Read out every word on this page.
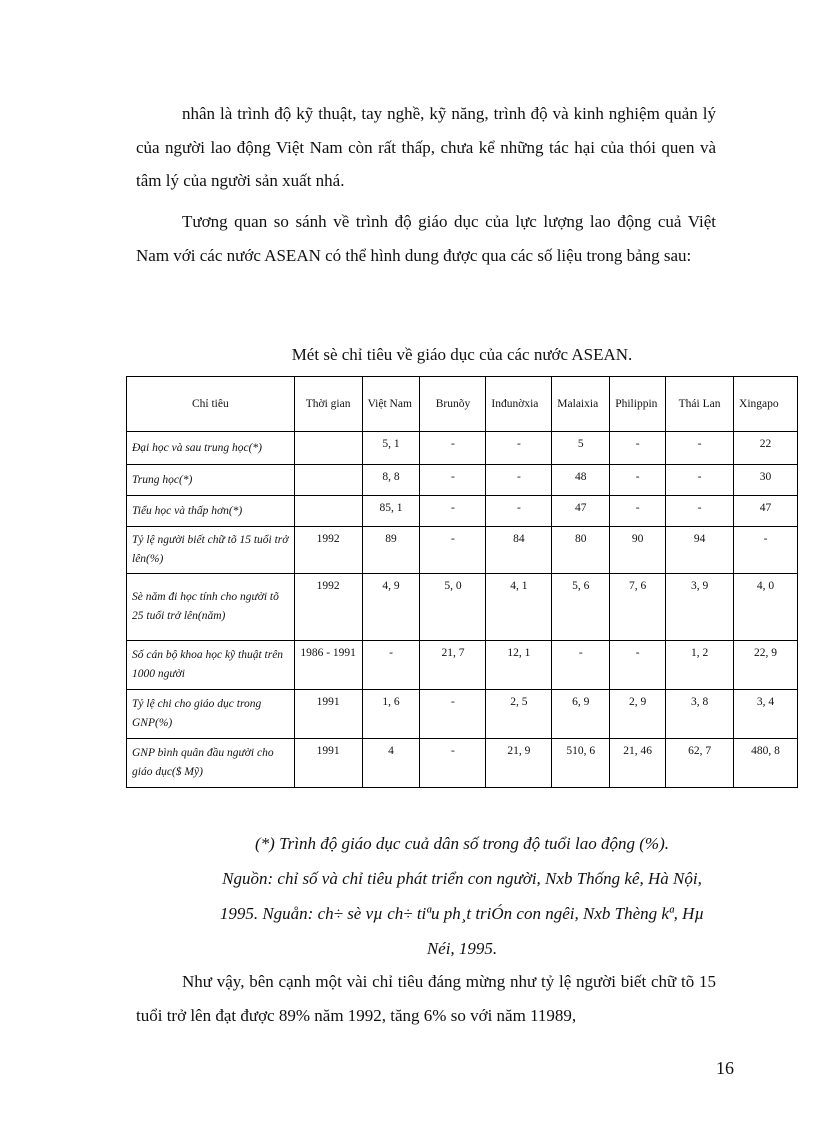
nhân là trình độ kỹ thuật, tay nghề, kỹ năng, trình độ và kinh nghiệm quản lý của người lao động Việt Nam còn rất thấp, chưa kể những tác hại của thói quen và tâm lý của người sản xuất nhá.

Tương quan so sánh về trình độ giáo dục của lực lượng lao động cuả Việt Nam với các nước ASEAN có thể hình dung được qua các số liệu trong bảng sau:

Mét sè chỉ tiêu về giáo dục của các nước ASEAN.
Chỉ tiêu	Thời gian	Việt Nam	Brunõy	Inđunờxia	Malaixia	Philippin	Thái Lan	Xingapo
Đại học và sau trung học(*)		5, 1	-	-	5	-	-	22
Trung học(*)		8, 8	-	-	48	-	-	30
Tiểu học và thấp hơn(*)		85, 1	-	-	47	-	-	47
Tỷ lệ người biết chữ tõ 15 tuổi trở lên(%)	1992	89	-	84	80	90	94	-
Sè năm đi học tính cho người tõ 25 tuổi trở lên(năm)	1992	4, 9	5, 0	4, 1	5, 6	7, 6	3, 9	4, 0
Số cán bộ khoa học kỹ thuật trên 1000 người	1986 - 1991	-	21, 7	12, 1	-	-	1, 2	22, 9
Tỷ lệ chi cho giáo dục trong GNP(%)	1991	1, 6	-	2, 5	6, 9	2, 9	3, 8	3, 4
GNP bình quân đầu người cho giáo dục($ Mỹ)	1991	4	-	21, 9	510, 6	21, 46	62, 7	480, 8
(*) Trình độ giáo dục cuả dân số trong độ tuổi lao động (%).
Nguồn: chỉ số và chỉ tiêu phát triển con người, Nxb Thống kê, Hà Nội,
1995. Nguån: ch÷ sè vµ ch÷ tiªu ph¸t triÓn con ngêi, Nxb Thèng kª, Hµ
Néi, 1995.

Như vậy, bên cạnh một vài chỉ tiêu đáng mừng như tỷ lệ người biết chữ tõ 15 tuổi trở lên đạt được 89% năm 1992, tăng 6% so với năm 11989,

16
